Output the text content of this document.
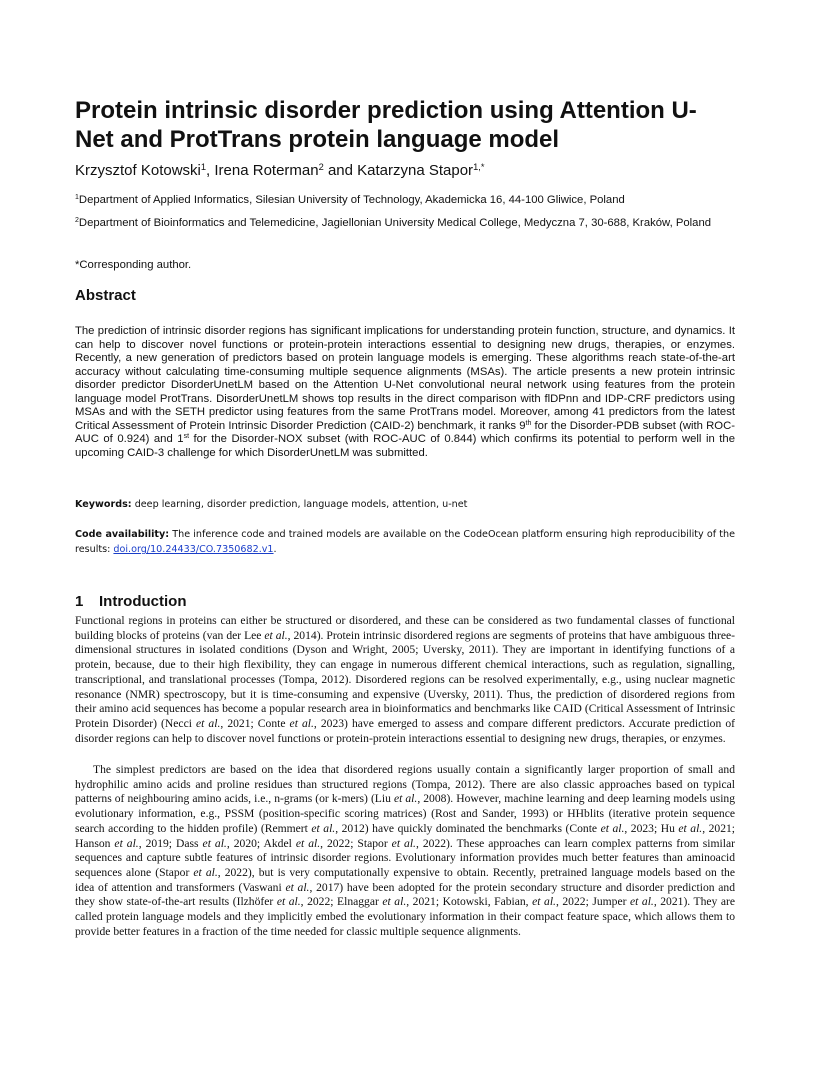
Protein intrinsic disorder prediction using Attention U-Net and ProtTrans protein language model
Krzysztof Kotowski$^1$, Irena Roterman$^2$ and Katarzyna Stapor$^{1,*}$
$^1$Department of Applied Informatics, Silesian University of Technology, Akademicka 16, 44-100 Gliwice, Poland
$^2$Department of Bioinformatics and Telemedicine, Jagiellonian University Medical College, Medyczna 7, 30-688, Kraków, Poland
*Corresponding author.
Abstract

The prediction of intrinsic disorder regions has significant implications for understanding protein function, structure, and dynamics. It can help to discover novel functions or protein-protein interactions essential to designing new drugs, therapies, or enzymes. Recently, a new generation of predictors based on protein language models is emerging. These algorithms reach state-of-the-art accuracy without calculating time-consuming multiple sequence alignments (MSAs). The article presents a new protein intrinsic disorder predictor DisorderUnetLM based on the Attention U-Net convolutional neural network using features from the protein language model ProtTrans. DisorderUnetLM shows top results in the direct comparison with flDPnn and IDP-CRF predictors using MSAs and with the SETH predictor using features from the same ProtTrans model. Moreover, among 41 predictors from the latest Critical Assessment of Protein Intrinsic Disorder Prediction (CAID-2) benchmark, it ranks 9th for the Disorder-PDB subset (with ROC-AUC of 0.924) and 1st for the Disorder-NOX subset (with ROC-AUC of 0.844) which confirms its potential to perform well in the upcoming CAID-3 challenge for which DisorderUnetLM was submitted.

Keywords: deep learning, disorder prediction, language models, attention, u-net
Code availability: The inference code and trained models are available on the CodeOcean platform ensuring high reproducibility of the results: doi.org/10.24433/CO.7350682.v1.
1 Introduction

Functional regions in proteins can either be structured or disordered, and these can be considered as two fundamental classes of functional building blocks of proteins (van der Lee et al., 2014). Protein intrinsic disordered regions are segments of proteins that have ambiguous three-dimensional structures in isolated conditions (Dyson and Wright, 2005; Uversky, 2011). They are important in identifying functions of a protein, because, due to their high flexibility, they can engage in numerous different chemical interactions, such as regulation, signalling, transcriptional, and translational processes (Tompa, 2012). Disordered regions can be resolved experimentally, e.g., using nuclear magnetic resonance (NMR) spectroscopy, but it is time-consuming and expensive (Uversky, 2011). Thus, the prediction of disordered regions from their amino acid sequences has become a popular research area in bioinformatics and benchmarks like CAID (Critical Assessment of Intrinsic Protein Disorder) (Necci et al., 2021; Conte et al., 2023) have emerged to assess and compare different predictors. Accurate prediction of disorder regions can help to discover novel functions or protein-protein interactions essential to designing new drugs, therapies, or enzymes.

The simplest predictors are based on the idea that disordered regions usually contain a significantly larger proportion of small and hydrophilic amino acids and proline residues than structured regions (Tompa, 2012). There are also classic approaches based on typical patterns of neighbouring amino acids, i.e., n-grams (or k-mers) (Liu et al., 2008). However, machine learning and deep learning models using evolutionary information, e.g., PSSM (position-specific scoring matrices) (Rost and Sander, 1993) or HHblits (iterative protein sequence search according to the hidden profile) (Remmert et al., 2012) have quickly dominated the benchmarks (Conte et al., 2023; Hu et al., 2021; Hanson et al., 2019; Dass et al., 2020; Akdel et al., 2022; Stapor et al., 2022). These approaches can learn complex patterns from similar sequences and capture subtle features of intrinsic disorder regions. Evolutionary information provides much better features than aminoacid sequences alone (Stapor et al., 2022), but is very computationally expensive to obtain. Recently, pretrained language models based on the idea of attention and transformers (Vaswani et al., 2017) have been adopted for the protein secondary structure and disorder prediction and they show state-of-the-art results (Ilzhöfer et al., 2022; Elnaggar et al., 2021; Kotowski, Fabian, et al., 2022; Jumper et al., 2021). They are called protein language models and they implicitly embed the evolutionary information in their compact feature space, which allows them to provide better features in a fraction of the time needed for classic multiple sequence alignments.
